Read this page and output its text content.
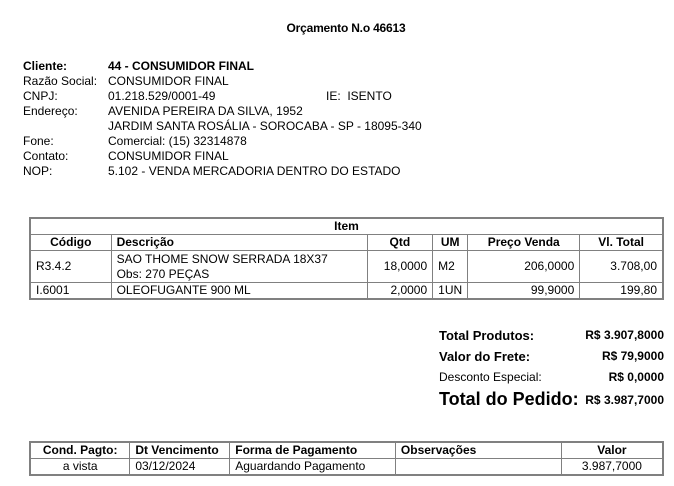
Orçamento N.o 46613
Cliente:	44 - CONSUMIDOR FINAL
Razão Social: CONSUMIDOR FINAL
CNPJ:	01.218.529/0001-49	IE:  ISENTO
Endereço:	AVENIDA PEREIRA DA SILVA, 1952
JARDIM SANTA ROSÁLIA - SOROCABA - SP - 18095-340
Fone:	Comercial: (15) 32314878
Contato:	CONSUMIDOR FINAL
NOP:	5.102 - VENDA MERCADORIA DENTRO DO ESTADO
Item					
Código	Descrição	Qtd	UM	Preço Venda	Vl. Total
R3.4.2	SAO THOME SNOW SERRADA 18X37
Obs: 270 PEÇAS	18,0000	M2	206,0000	3.708,00
I.6001	OLEOFUGANTE 900 ML	2,0000	1UN	99,9000	199,80
Total Produtos:	R$ 3.907,8000
Valor do Frete:	R$ 79,9000
Desconto Especial:	R$ 0,0000
Total do Pedido: R$ 3.987,7000
Cond. Pagto:	Dt Vencimento	Forma de Pagamento	Observações	Valor
a vista	03/12/2024	Aguardando Pagamento		3.987,7000
